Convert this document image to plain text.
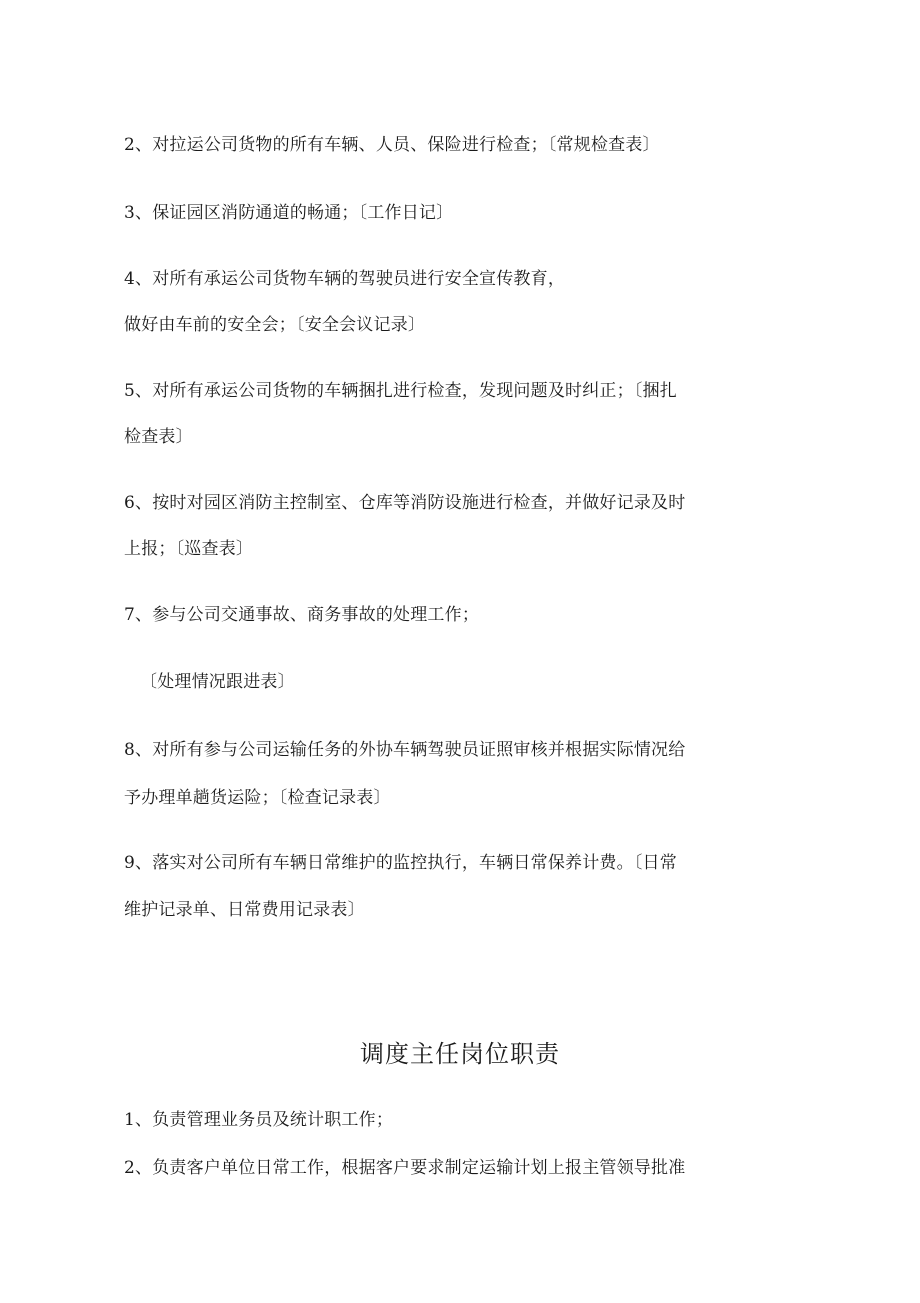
2、对拉运公司货物的所有车辆、人员、保险进行检查；〔常规检查表〕
3、保证园区消防通道的畅通；〔工作日记〕
4、对所有承运公司货物车辆的驾驶员进行安全宣传教育，
做好由车前的安全会；〔安全会议记录〕
5、对所有承运公司货物的车辆捆扎进行检查，发现问题及时纠正；〔捆扎
检查表〕
6、按时对园区消防主控制室、仓库等消防设施进行检查，并做好记录及时
上报；〔巡查表〕
7、参与公司交通事故、商务事故的处理工作；
〔处理情况跟进表〕
8、对所有参与公司运输任务的外协车辆驾驶员证照审核并根据实际情况给
予办理单趟货运险；〔检查记录表〕
9、落实对公司所有车辆日常维护的监控执行，车辆日常保养计费。〔日常
维护记录单、日常费用记录表〕
调度主任岗位职责
1、负责管理业务员及统计职工作；
2、负责客户单位日常工作，根据客户要求制定运输计划上报主管领导批准
